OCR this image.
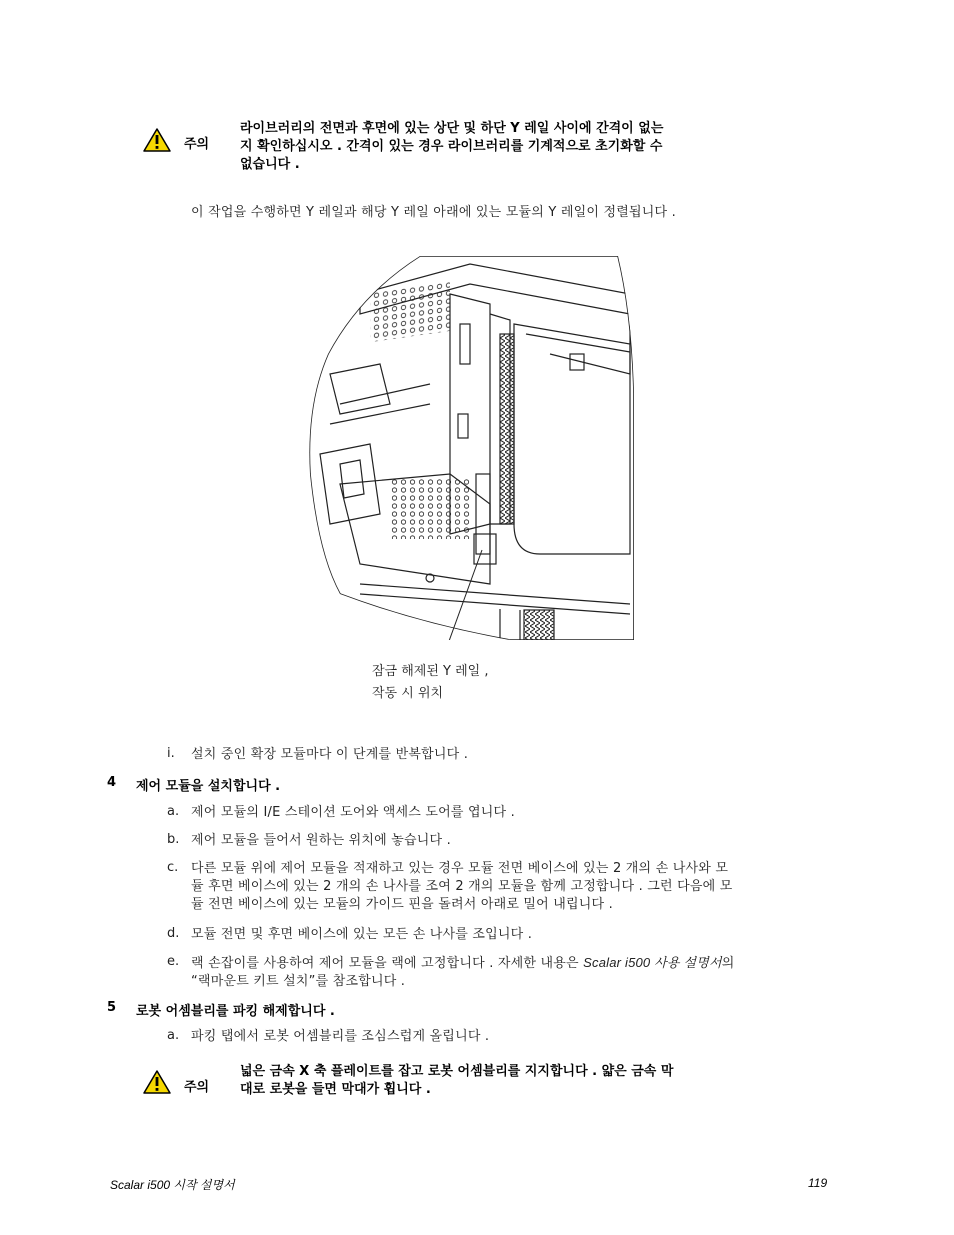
주의
라이브러리의 전면과 후면에 있는 상단 및 하단 Y 레일 사이에 간격이 없는
지 확인하십시오 . 간격이 있는 경우 라이브러리를 기계적으로 초기화할 수
없습니다 .
이 작업을 수행하면 Y 레일과 해당 Y 레일 아래에 있는 모듈의 Y 레일이 정렬됩니다 .
잠금 해제된 Y 레일 ,
작동 시 위치
i. 설치 중인 확장 모듈마다 이 단계를 반복합니다 .
4 제어 모듈을 설치합니다 .
a. 제어 모듈의 I/E 스테이션 도어와 액세스 도어를 엽니다 .
b. 제어 모듈을 들어서 원하는 위치에 놓습니다 .
c. 다른 모듈 위에 제어 모듈을 적재하고 있는 경우 모듈 전면 베이스에 있는 2 개의 손 나사와 모
듈 후면 베이스에 있는 2 개의 손 나사를 조여 2 개의 모듈을 함께 고정합니다 . 그런 다음에 모
듈 전면 베이스에 있는 모듈의 가이드 핀을 돌려서 아래로 밀어 내립니다 .
d. 모듈 전면 및 후면 베이스에 있는 모든 손 나사를 조입니다 .
e. 랙 손잡이를 사용하여 제어 모듈을 랙에 고정합니다 . 자세한 내용은 Scalar i500 사용 설명서의
“랙마운트 키트 설치”를 참조합니다 .
5 로봇 어셈블리를 파킹 해제합니다 .
a. 파킹 탭에서 로봇 어셈블리를 조심스럽게 올립니다 .
주의
넓은 금속 X 축 플레이트를 잡고 로봇 어셈블리를 지지합니다 . 얇은 금속 막
대로 로봇을 들면 막대가 휩니다 .
Scalar i500 시작 설명서	119
